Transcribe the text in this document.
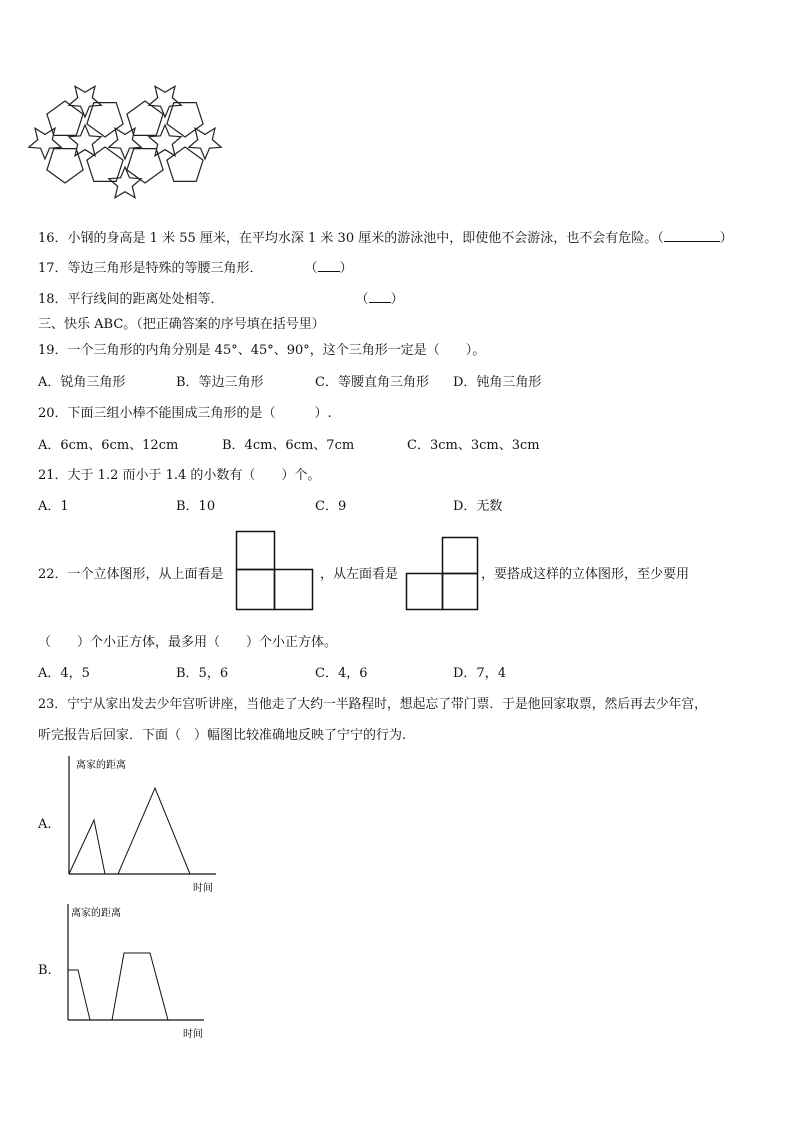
16．小钢的身高是 1 米 55 厘米，在平均水深 1 米 30 厘米的游泳池中，即使他不会游泳，也不会有危险。（	）
17．等边三角形是特殊的等腰三角形．	（ ）
18．平行线间的距离处处相等．	（ ）
三、快乐 ABC。（把正确答案的序号填在括号里）
19．一个三角形的内角分别是 45°、45°、90°，这个三角形一定是（　　）。
A．锐角三角形	B．等边三角形	C．等腰直角三角形 D．钝角三角形
20．下面三组小棒不能围成三角形的是（　　　）.
A．6cm、6cm、12cm	B．4cm、6cm、7cm	C．3cm、3cm、3cm
21．大于 1.2 而小于 1.4 的小数有（　　）个。
A．1	B．10	C．9	D．无数
22．一个立体图形，从上面看是	，从左面看是	，要搭成这样的立体图形，至少要用
（　　）个小正方体，最多用（　　）个小正方体。
A．4，5	B．5，6	C．4，6	D．7，4
23．宁宁从家出发去少年宫听讲座，当他走了大约一半路程时，想起忘了带门票．于是他回家取票，然后再去少年宫，
听完报告后回家．下面（　）幅图比较准确地反映了宁宁的行为.
A.
离家的距离
时间
B.
离家的距离
时间
